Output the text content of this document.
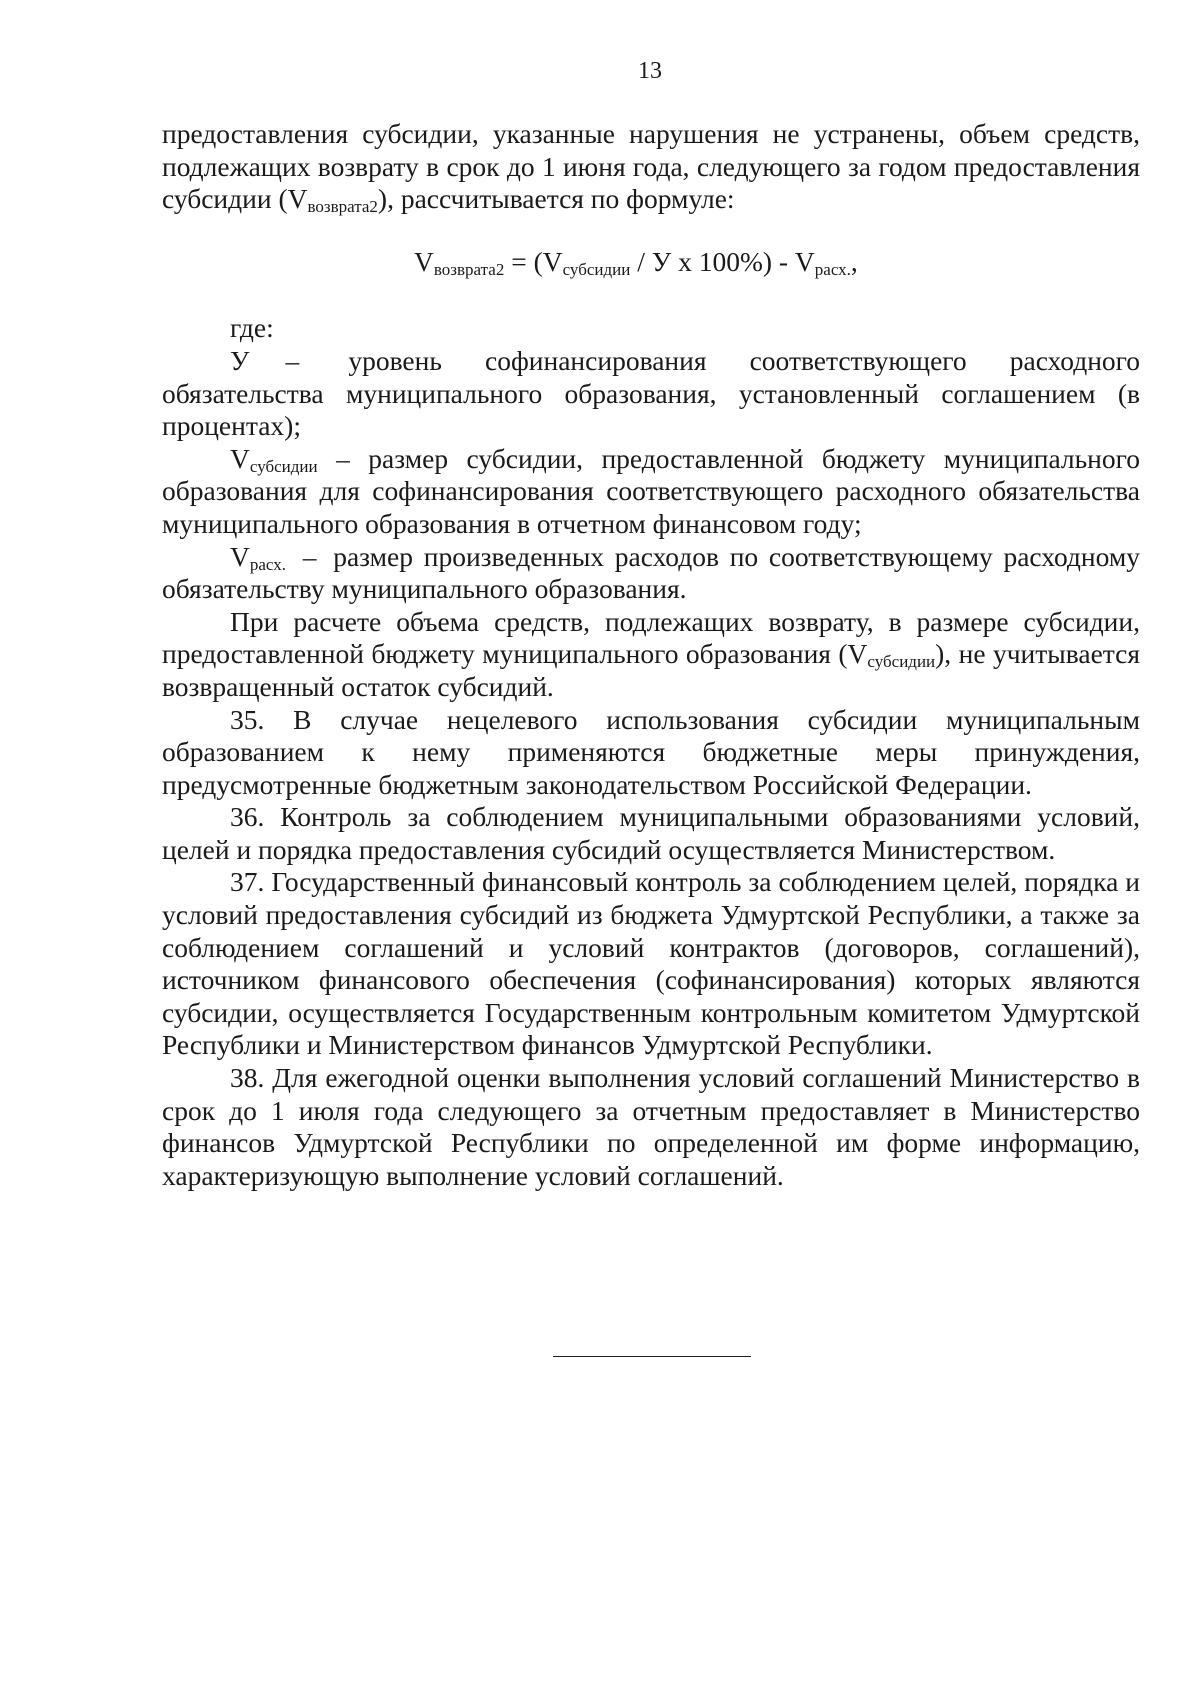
13

предоставления субсидии, указанные нарушения не устранены, объем средств, подлежащих возврату в срок до 1 июня года, следующего за годом предоставления субсидии $(V_{возврата2})$, рассчитывается по формуле:

$V_{возврата2} = (V_{субсидии} / У$ x $100\%) - V_{расх.}$,

где:

У – уровень софинансирования соответствующего расходного обязательства муниципального образования, установленный соглашением (в процентах);

$V_{субсидии}$ – размер субсидии, предоставленной бюджету муниципального образования для софинансирования соответствующего расходного обязательства муниципального образования в отчетном финансовом году;

$V_{расх.}$ – размер произведенных расходов по соответствующему расходному обязательству муниципального образования.

При расчете объема средств, подлежащих возврату, в размере субсидии, предоставленной бюджету муниципального образования $(V_{субсидии})$, не учитывается возвращенный остаток субсидий.

35. В случае нецелевого использования субсидии муниципальным образованием к нему применяются бюджетные меры принуждения, предусмотренные бюджетным законодательством Российской Федерации.

36. Контроль за соблюдением муниципальными образованиями условий, целей и порядка предоставления субсидий осуществляется Министерством.

37. Государственный финансовый контроль за соблюдением целей, порядка и условий предоставления субсидий из бюджета Удмуртской Республики, а также за соблюдением соглашений и условий контрактов (договоров, соглашений), источником финансового обеспечения (софинансирования) которых являются субсидии, осуществляется Государственным контрольным комитетом Удмуртской Республики и Министерством финансов Удмуртской Республики.

38. Для ежегодной оценки выполнения условий соглашений Министерство в срок до 1 июля года следующего за отчетным предоставляет в Министерство финансов Удмуртской Республики по определенной им форме информацию, характеризующую выполнение условий соглашений.
